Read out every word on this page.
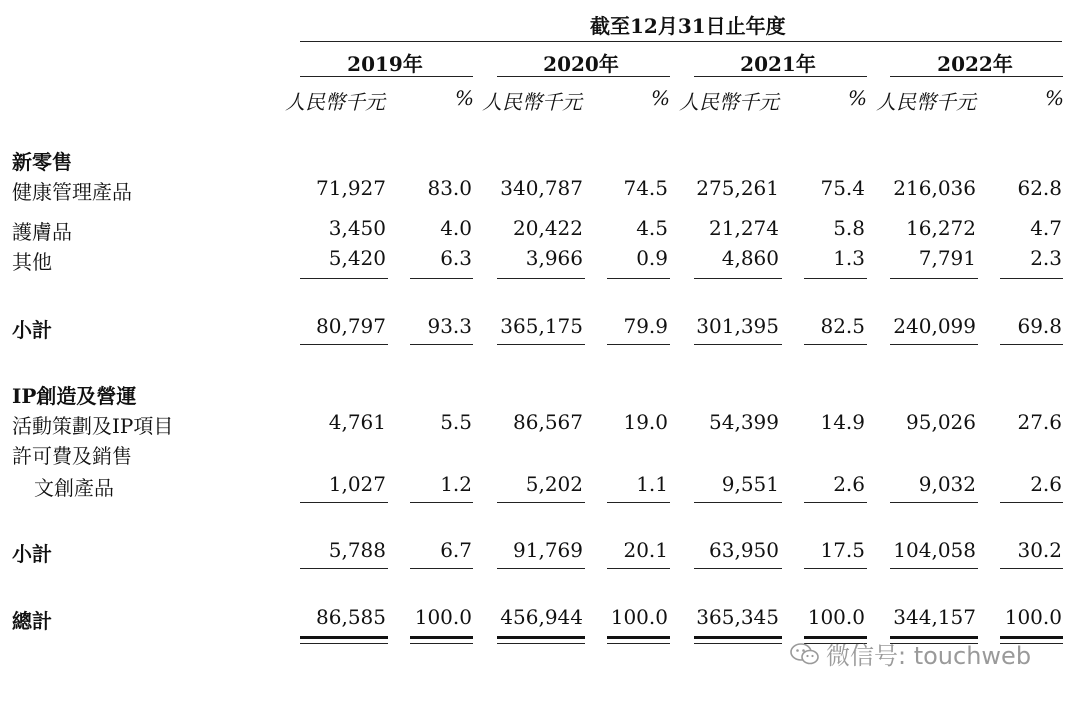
截至12月31日止年度
2019年	2020年	2021年	2022年
人民幣千元	% 人民幣千元	% 人民幣千元	% 人民幣千元	%
新零售
健康管理產品	71,927	83.0	340,787	74.5	275,261	75.4	216,036	62.8
護膚品	3,450	4.0	20,422	4.5	21,274	5.8	16,272	4.7
其他	5,420	6.3	3,966	0.9	4,860	1.3	7,791	2.3
小計	80,797	93.3	365,175	79.9	301,395	82.5	240,099	69.8
IP創造及營運
活動策劃及IP項目	4,761	5.5	86,567	19.0	54,399	14.9	95,026	27.6
許可費及銷售
文創產品	1,027	1.2	5,202	1.1	9,551	2.6	9,032	2.6
小計	5,788	6.7	91,769	20.1	63,950	17.5	104,058	30.2
總計	86,585	100.0	456,944	100.0	365,345	100.0	344,157	100.0
微信号: touchweb
